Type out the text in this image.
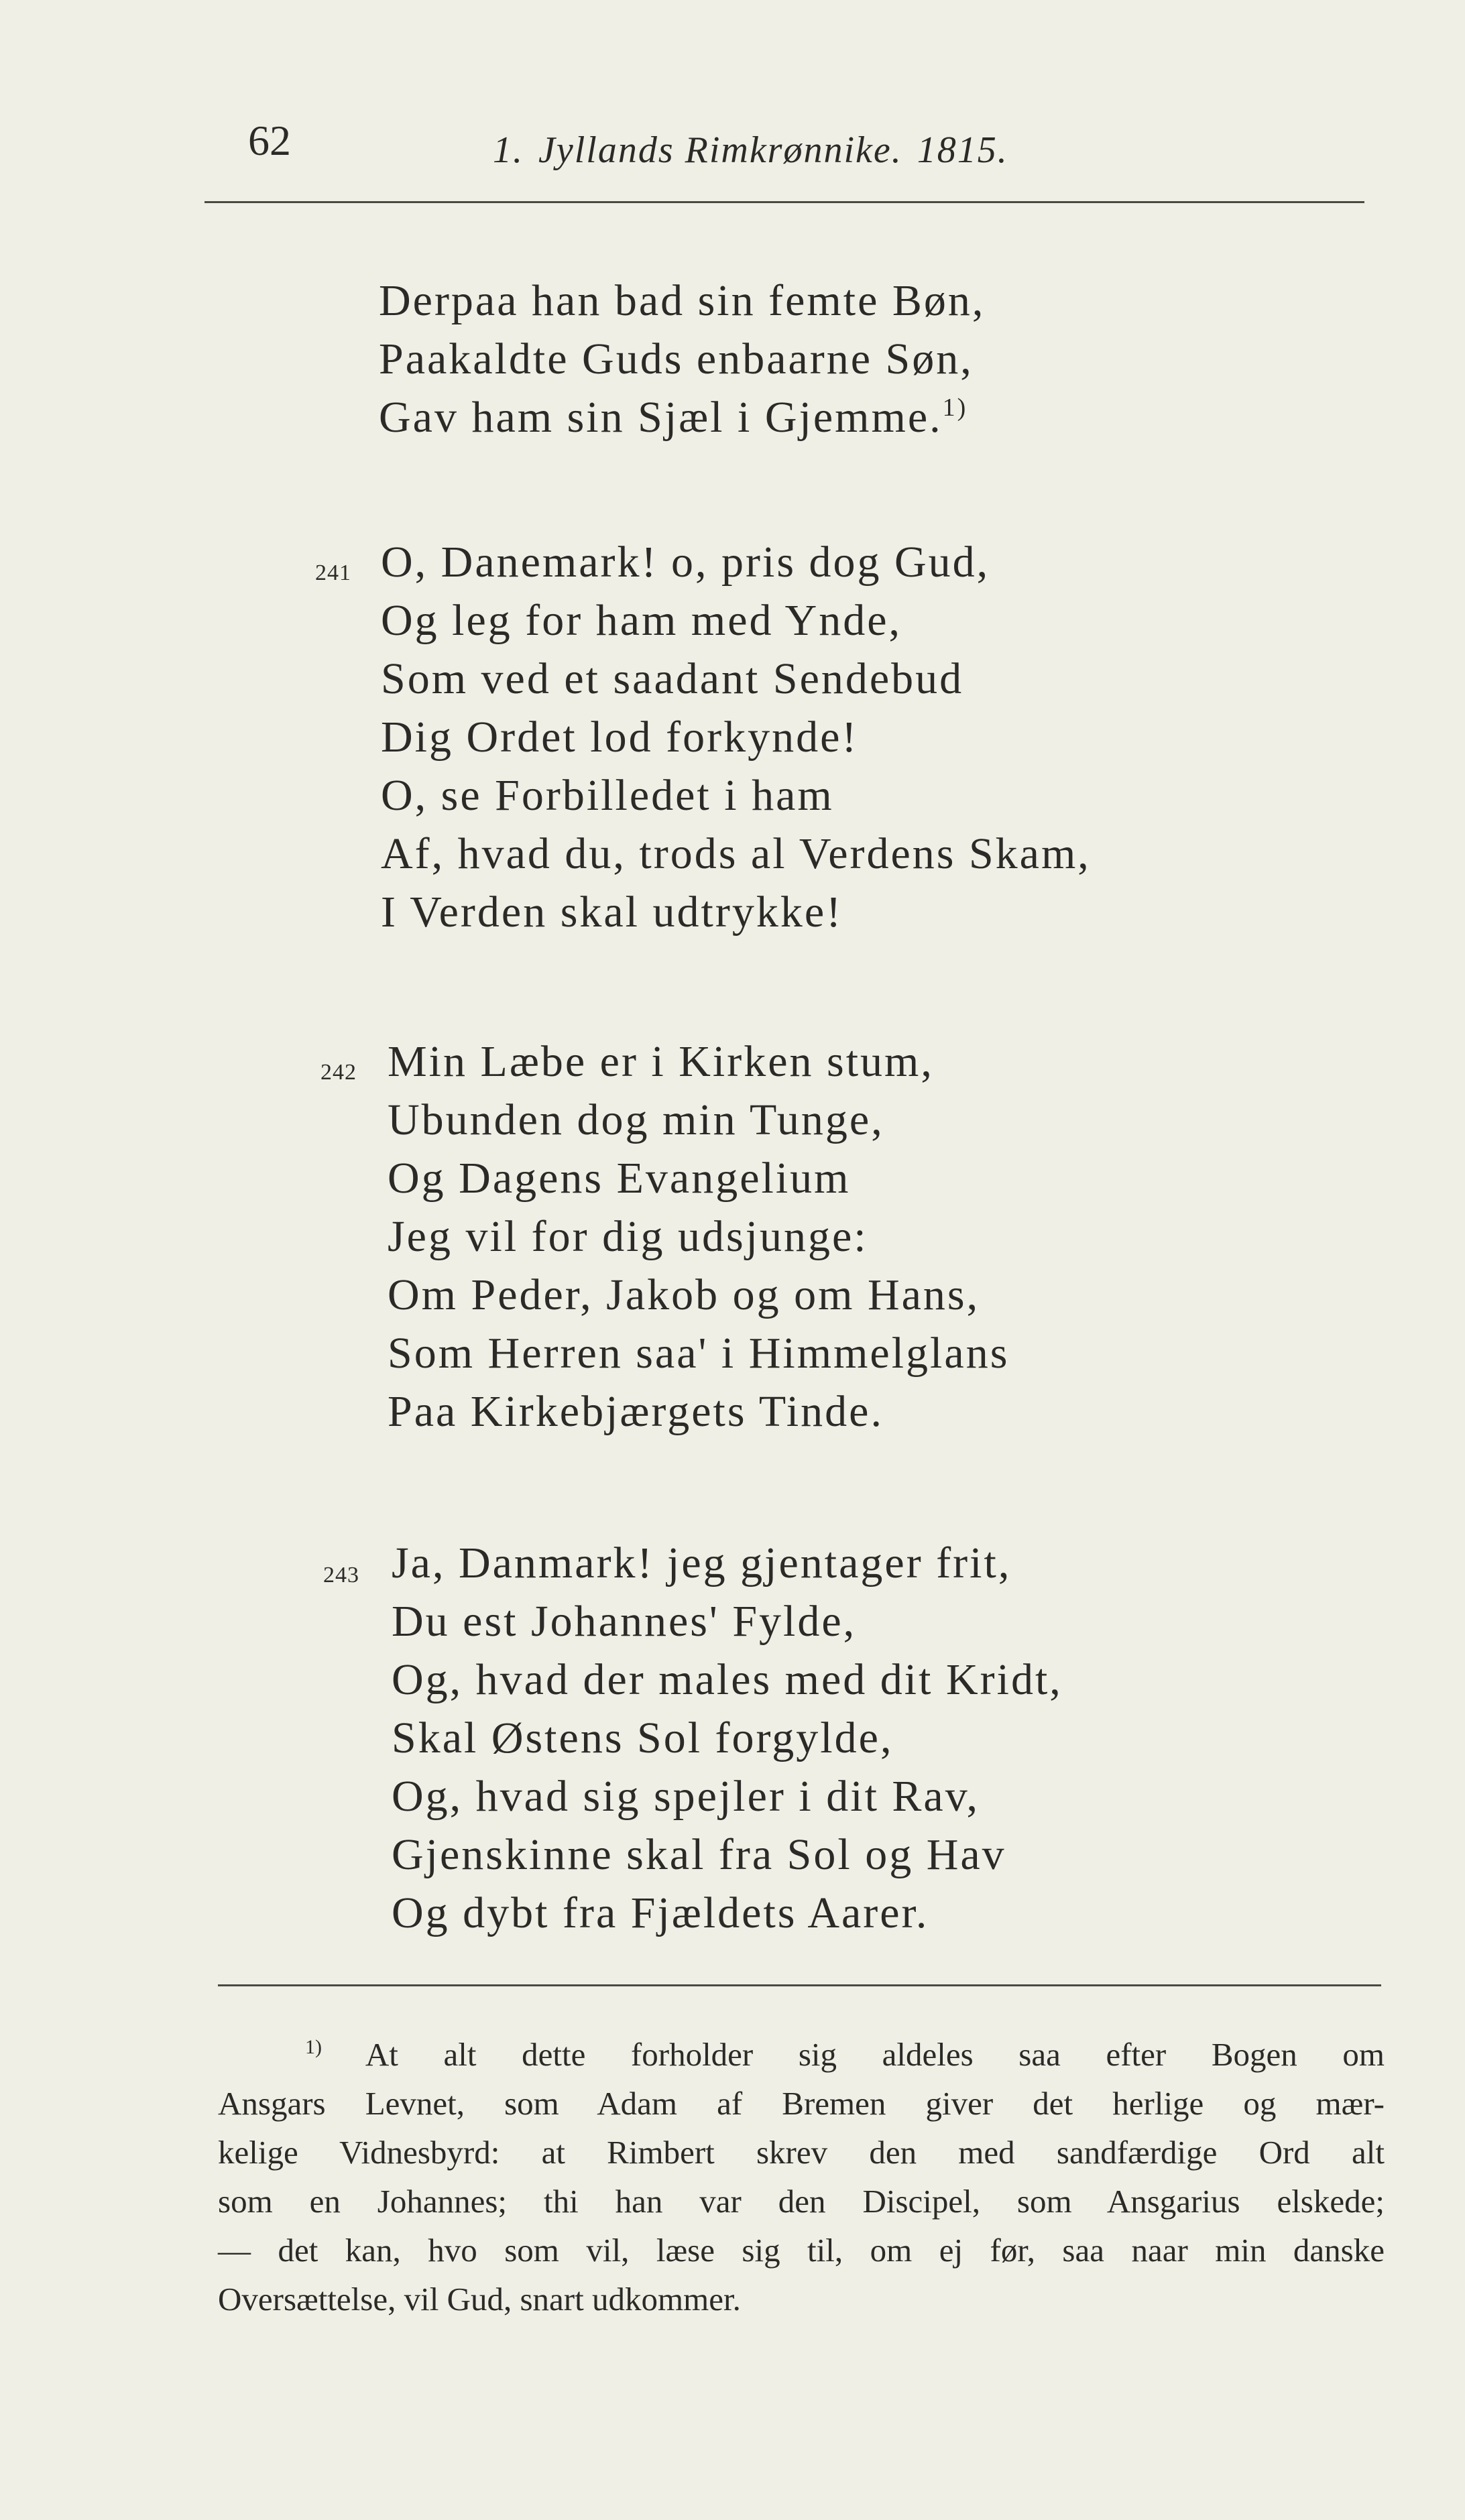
62	1. Jyllands Rimkrønnike. 1815.
Derpaa han bad sin femte Bøn,
Paakaldte Guds enbaarne Søn,
Gav ham sin Sjæl i Gjemme.$^{1)}$
241 O, Danemark! o, pris dog Gud,
Og leg for ham med Ynde,
Som ved et saadant Sendebud
Dig Ordet lod forkynde!
O, se Forbilledet i ham
Af, hvad du, trods al Verdens Skam,
I Verden skal udtrykke!
242 Min Læbe er i Kirken stum,
Ubunden dog min Tunge,
Og Dagens Evangelium
Jeg vil for dig udsjunge:
Om Peder, Jakob og om Hans,
Som Herren saa' i Himmelglans
Paa Kirkebjærgets Tinde.
243 Ja, Danmark! jeg gjentager frit,
Du est Johannes' Fylde,
Og, hvad der males med dit Kridt,
Skal Østens Sol forgylde,
Og, hvad sig spejler i dit Rav,
Gjenskinne skal fra Sol og Hav
Og dybt fra Fjældets Aarer.
$^{1)}$ At alt dette forholder sig aldeles saa efter Bogen om
Ansgars Levnet, som Adam af Bremen giver det herlige og mær-
kelige Vidnesbyrd: at Rimbert skrev den med sandfærdige Ord alt
som en Johannes; thi han var den Discipel, som Ansgarius elskede;
— det kan, hvo som vil, læse sig til, om ej før, saa naar min danske
Oversættelse, vil Gud, snart udkommer.
